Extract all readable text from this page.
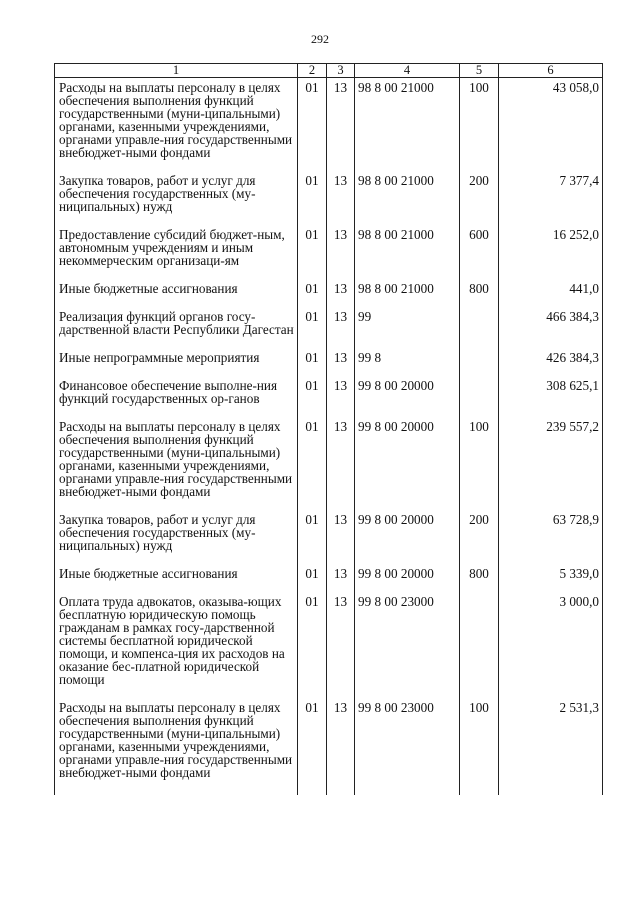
292
1	2	3	4	5	6
Расходы на выплаты персоналу в целях обеспечения выполнения функций государственными (муни-ципальными) органами, казенными учреждениями, органами управле-ния государственными внебюджет-ными фондами	01	13	98 8 00 21000	100	43 058,0
Закупка товаров, работ и услуг для обеспечения государственных (му-ниципальных) нужд	01	13	98 8 00 21000	200	7 377,4
Предоставление субсидий бюджет-ным, автономным учреждениям и иным некоммерческим организаци-ям	01	13	98 8 00 21000	600	16 252,0
Иные бюджетные ассигнования	01	13	98 8 00 21000	800	441,0
Реализация функций органов госу-дарственной власти Республики Дагестан	01	13	99		466 384,3
Иные непрограммные мероприятия	01	13	99 8		426 384,3
Финансовое обеспечение выполне-ния функций государственных ор-ганов	01	13	99 8 00 20000		308 625,1
Расходы на выплаты персоналу в целях обеспечения выполнения функций государственными (муни-ципальными) органами, казенными учреждениями, органами управле-ния государственными внебюджет-ными фондами	01	13	99 8 00 20000	100	239 557,2
Закупка товаров, работ и услуг для обеспечения государственных (му-ниципальных) нужд	01	13	99 8 00 20000	200	63 728,9
Иные бюджетные ассигнования	01	13	99 8 00 20000	800	5 339,0
Оплата труда адвокатов, оказыва-ющих бесплатную юридическую помощь гражданам в рамках госу-дарственной системы бесплатной юридической помощи, и компенса-ция их расходов на оказание бес-платной юридической помощи	01	13	99 8 00 23000		3 000,0
Расходы на выплаты персоналу в целях обеспечения выполнения функций государственными (муни-ципальными) органами, казенными учреждениями, органами управле-ния государственными внебюджет-ными фондами	01	13	99 8 00 23000	100	2 531,3
